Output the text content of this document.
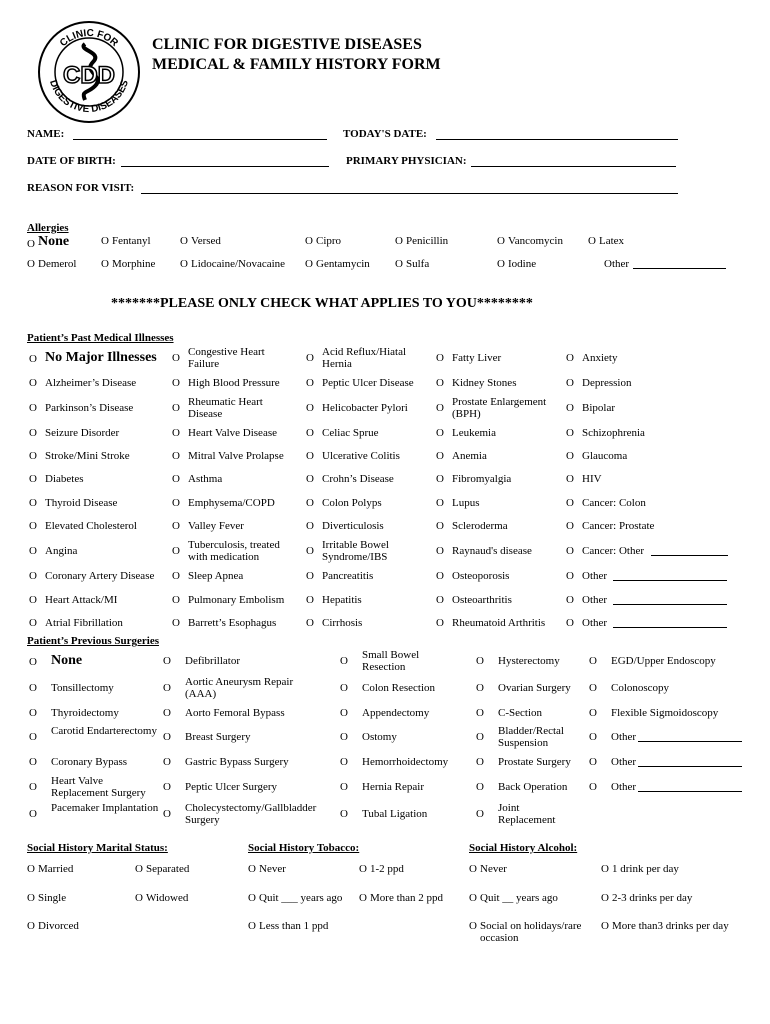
CLINIC FOR
DIGESTIVE DISEASES
CDD
CLINIC FOR DIGESTIVE DISEASES
MEDICAL & FAMILY HISTORY FORM
NAME:	TODAY'S DATE:
DATE OF BIRTH:	PRIMARY PHYSICIAN:
REASON FOR VISIT:
Allergies
O None	O Fentanyl	O Versed	O Cipro	O Penicillin	O Vancomycin O Latex
O Demerol O Morphine O Lidocaine/Novacaine O Gentamycin O Sulfa	O Iodine	Other
*******PLEASE ONLY CHECK WHAT APPLIES TO YOU********
Patient’s Past Medical Illnesses
O No Major Illnesses O Congestive Heart Failure	O Acid Reflux/Hiatal Hernia	O Fatty Liver	O Anxiety
O Alzheimer’s Disease	O High Blood Pressure O Peptic Ulcer Disease O Kidney Stones	O Depression
O Parkinson’s Disease	O Rheumatic Heart Disease	O Helicobacter Pylori	O Prostate Enlargement (BPH)	O Bipolar
O Seizure Disorder	O Heart Valve Disease	O Celiac Sprue	O Leukemia	O Schizophrenia
O Stroke/Mini Stroke	O Mitral Valve Prolapse O Ulcerative Colitis	O Anemia	O Glaucoma
O Diabetes	O Asthma	O Crohn’s Disease	O Fibromyalgia	O HIV
O Thyroid Disease	O Emphysema/COPD	O Colon Polyps	O Lupus	O Cancer: Colon
O Elevated Cholesterol	O Valley Fever	O Diverticulosis	O Scleroderma	O Cancer: Prostate
O Angina	O Tuberculosis, treated with medication	O Irritable Bowel Syndrome/IBS	O Raynaud's disease	O Cancer: Other
O Coronary Artery Disease O Sleep Apnea	O Pancreatitis	O Osteoporosis	O Other
O Heart Attack/MI	O Pulmonary Embolism O Hepatitis	O Osteoarthritis	O Other
O Atrial Fibrillation	O Barrett’s Esophagus	O Cirrhosis	O Rheumatoid Arthritis O Other
Patient’s Previous Surgeries
O None	O Defibrillator	O Small Bowel Resection	O Hysterectomy	O EGD/Upper Endoscopy
O Tonsillectomy	O Aortic Aneurysm Repair (AAA)	O Colon Resection	O Ovarian Surgery O Colonoscopy
O Thyroidectomy	O Aorto Femoral Bypass	O Appendectomy	O C-Section	O Flexible Sigmoidoscopy
O Carotid Endarterectomy O Breast Surgery	O Ostomy	O Bladder/Rectal Suspension	O Other
O Coronary Bypass	O Gastric Bypass Surgery	O Hemorrhoidectomy	O Prostate Surgery O Other
O Heart Valve Replacement Surgery	O Peptic Ulcer Surgery	O Hernia Repair	O Back Operation O Other
O Pacemaker Implantation O Cholecystectomy/Gallbladder Surgery	O Tubal Ligation	O Joint Replacement
Social History Marital Status:	Social History Tobacco:	Social History Alcohol:
O Married	O Separated
O Single	O Widowed
O Divorced
O Never	O 1-2 ppd
O Quit ___ years ago O More than 2 ppd
O Less than 1 ppd
O Never	O 1 drink per day
O Quit __ years ago	O 2-3 drinks per day
O Social on holidays/rare occasion
O More than3 drinks per day
